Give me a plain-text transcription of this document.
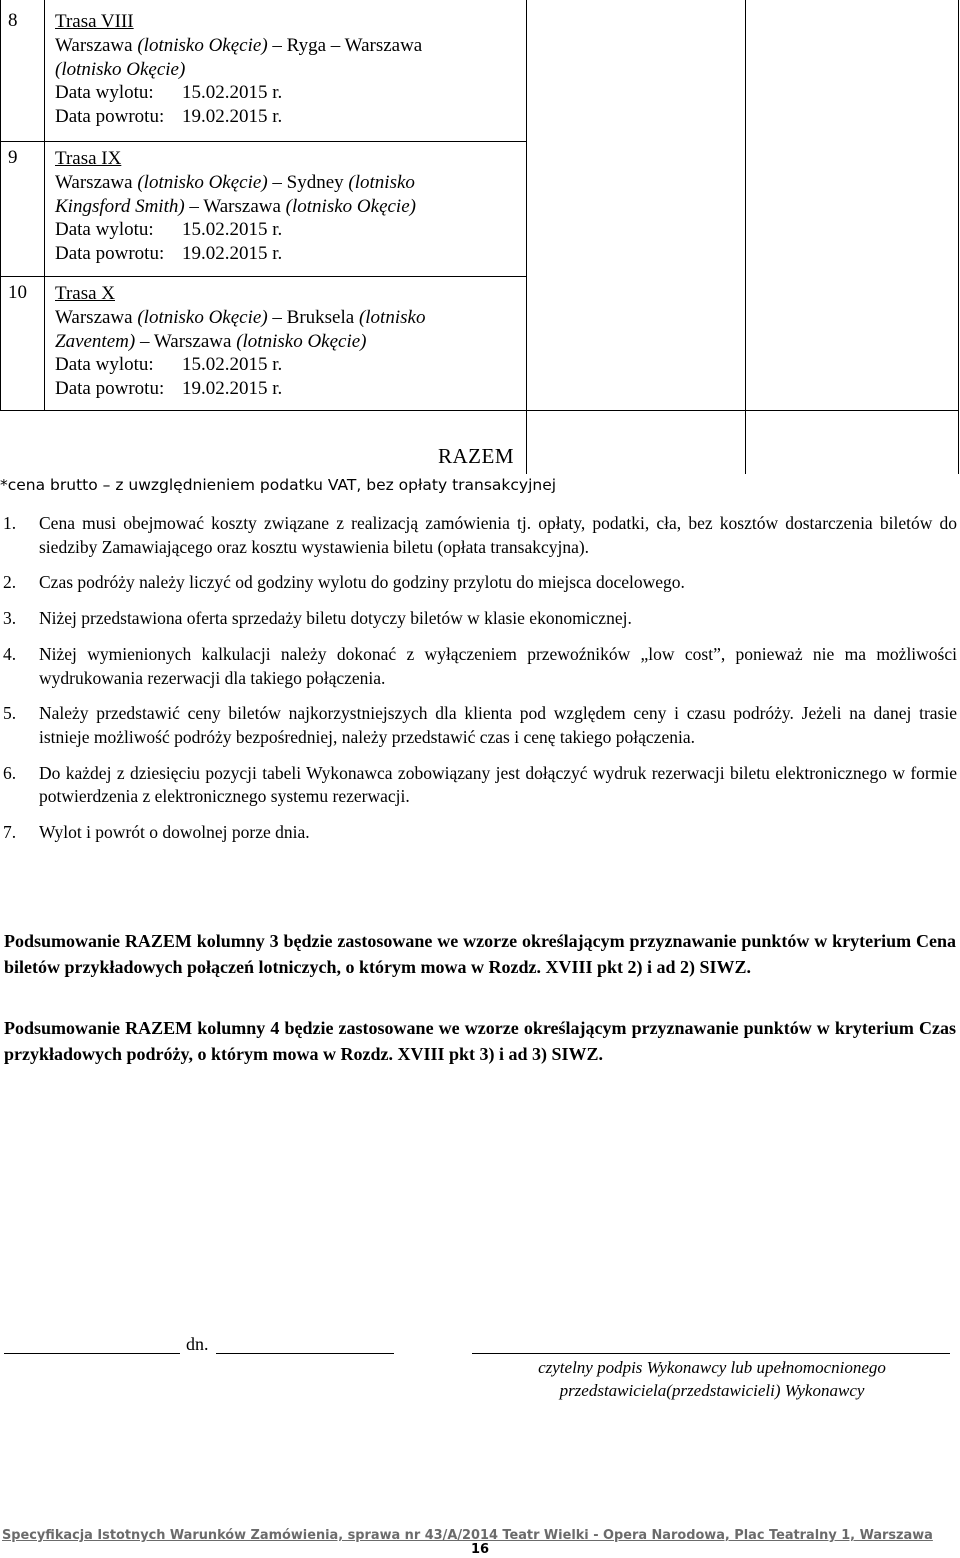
8 Trasa VIII
Warszawa (lotnisko Okęcie) – Ryga – Warszawa
(lotnisko Okęcie)
Data wylotu: 15.02.2015 r.
Data powrotu: 19.02.2015 r.
9 Trasa IX
Warszawa (lotnisko Okęcie) – Sydney (lotnisko
Kingsford Smith) – Warszawa (lotnisko Okęcie)
Data wylotu: 15.02.2015 r.
Data powrotu: 19.02.2015 r.
10 Trasa X
Warszawa (lotnisko Okęcie) – Bruksela (lotnisko
Zaventem) – Warszawa (lotnisko Okęcie)
Data wylotu: 15.02.2015 r.
Data powrotu: 19.02.2015 r.
RAZEM
*cena brutto – z uwzględnieniem podatku VAT, bez opłaty transakcyjnej
1. Cena musi obejmować koszty związane z realizacją zamówienia tj. opłaty, podatki, cła, bez kosztów dostarczenia biletów do siedziby Zamawiającego oraz kosztu wystawienia biletu (opłata transakcyjna).
2. Czas podróży należy liczyć od godziny wylotu do godziny przylotu do miejsca docelowego.
3. Niżej przedstawiona oferta sprzedaży biletu dotyczy biletów w klasie ekonomicznej.
4. Niżej wymienionych kalkulacji należy dokonać z wyłączeniem przewoźników „low cost”, ponieważ nie ma możliwości wydrukowania rezerwacji dla takiego połączenia.
5. Należy przedstawić ceny biletów najkorzystniejszych dla klienta pod względem ceny i czasu podróży. Jeżeli na danej trasie istnieje możliwość podróży bezpośredniej, należy przedstawić czas i cenę takiego połączenia.
6. Do każdej z dziesięciu pozycji tabeli Wykonawca zobowiązany jest dołączyć wydruk rezerwacji biletu elektronicznego w formie potwierdzenia z elektronicznego systemu rezerwacji.
7. Wylot i powrót o dowolnej porze dnia.
Podsumowanie RAZEM kolumny 3 będzie zastosowane we wzorze określającym przyznawanie punktów w kryterium Cena biletów przykładowych połączeń lotniczych, o którym mowa w Rozdz. XVIII pkt 2) i ad 2) SIWZ.
Podsumowanie RAZEM kolumny 4 będzie zastosowane we wzorze określającym przyznawanie punktów w kryterium Czas przykładowych podróży, o którym mowa w Rozdz. XVIII pkt 3) i ad 3) SIWZ.
dn.
czytelny podpis Wykonawcy lub upełnomocnionego
przedstawiciela(przedstawicieli) Wykonawcy
Specyfikacja Istotnych Warunków Zamówienia, sprawa nr 43/A/2014 Teatr Wielki - Opera Narodowa, Plac Teatralny 1, Warszawa
16
